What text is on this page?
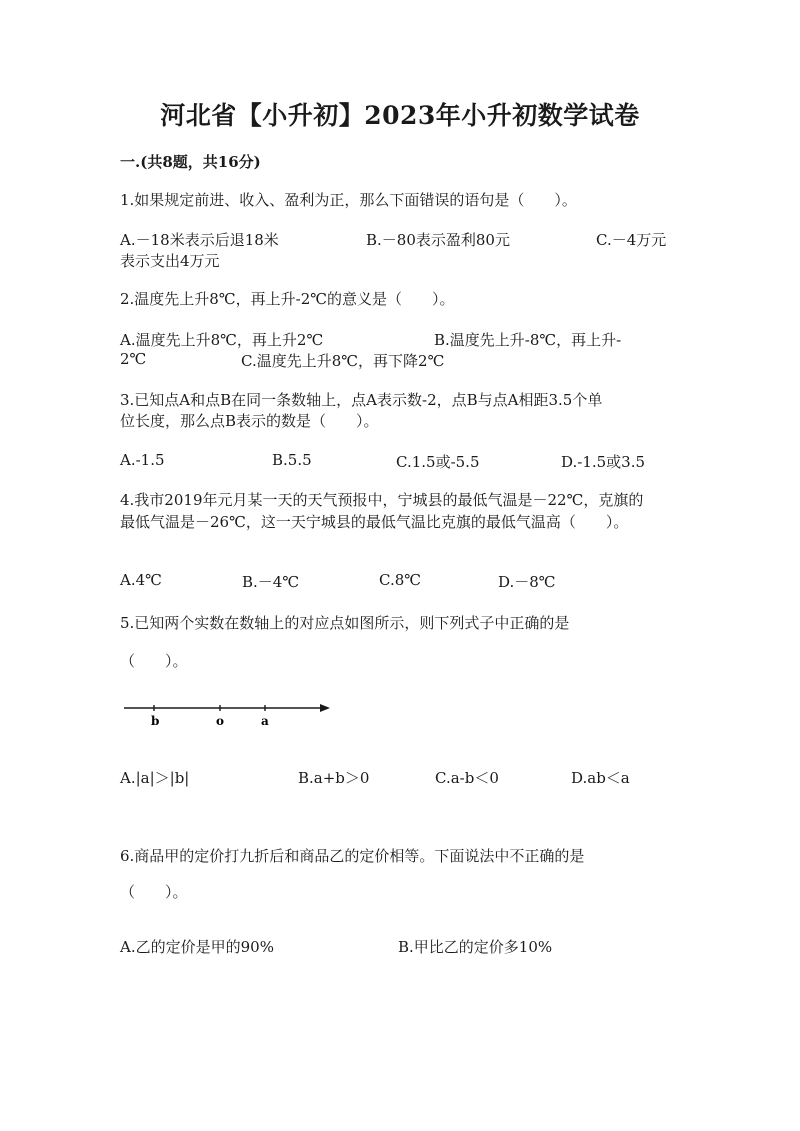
河北省【小升初】2023年小升初数学试卷
一.(共8题，共16分)
1.如果规定前进、收入、盈利为正，那么下面错误的语句是（　　）。
A.－18米表示后退18米	B.－80表示盈利80元	C.－4万元
表示支出4万元
2.温度先上升8℃，再上升-2℃的意义是（　　）。
A.温度先上升8℃，再上升2℃	B.温度先上升-8℃，再上升-
2℃	C.温度先上升8℃，再下降2℃
3.已知点A和点B在同一条数轴上，点A表示数-2，点B与点A相距3.5个单
位长度，那么点B表示的数是（　　）。
A.-1.5	B.5.5	C.1.5或-5.5	D.-1.5或3.5
4.我市2019年元月某一天的天气预报中，宁城县的最低气温是－22℃，克旗的
最低气温是－26℃，这一天宁城县的最低气温比克旗的最低气温高（　　）。
A.4℃	B.－4℃	C.8℃	D.－8℃
5.已知两个实数在数轴上的对应点如图所示，则下列式子中正确的是
（　　）。
b	o	a
A.|a|＞|b|	B.a+b＞0	C.a-b＜0	D.ab＜a
6.商品甲的定价打九折后和商品乙的定价相等。下面说法中不正确的是
（　　）。
A.乙的定价是甲的90%	B.甲比乙的定价多10%
